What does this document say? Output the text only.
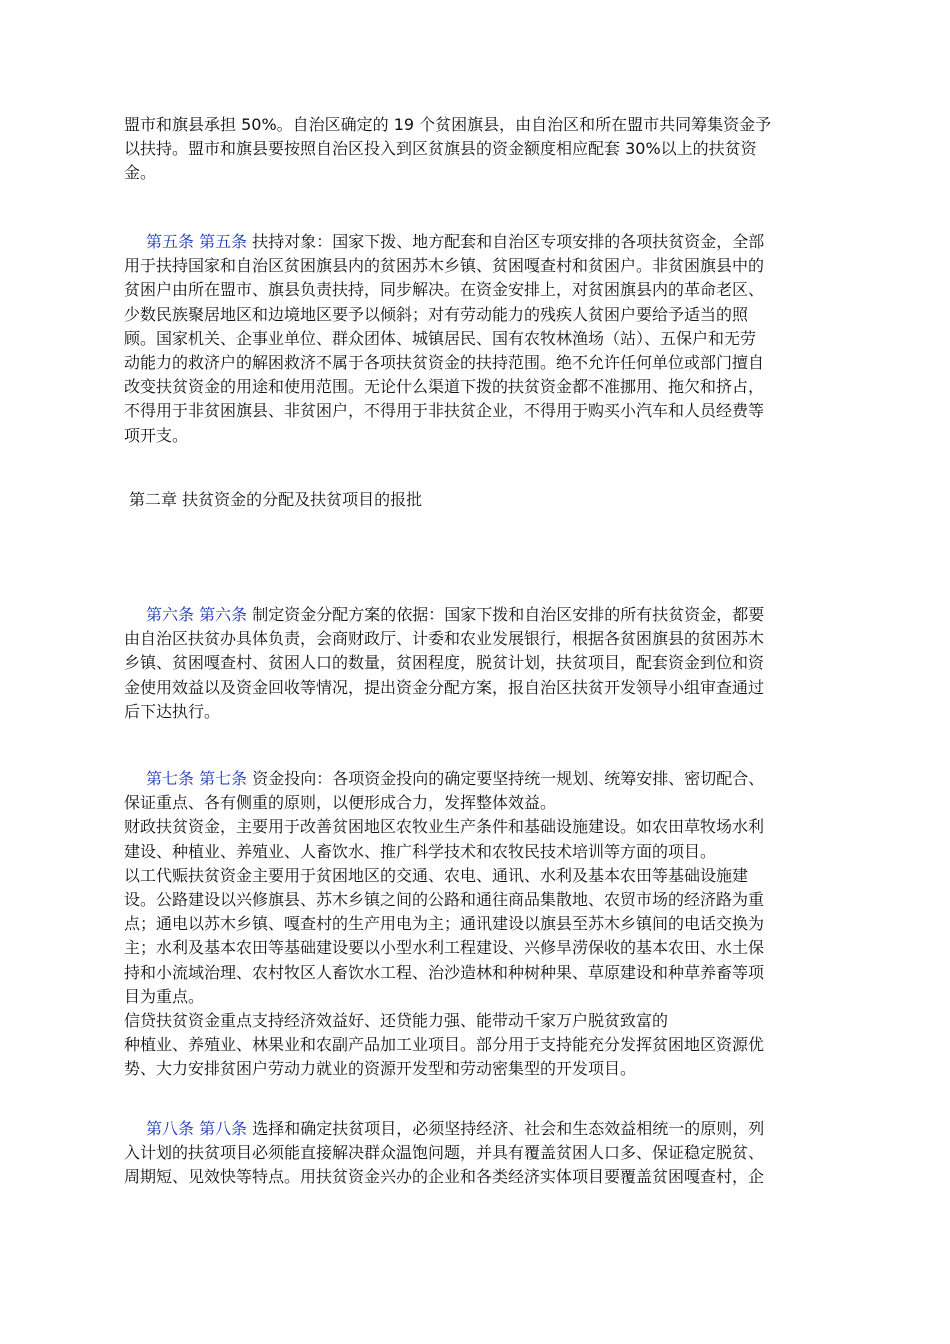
盟市和旗县承担 50%。自治区确定的 19 个贫困旗县，由自治区和所在盟市共同筹集资金予
以扶持。盟市和旗县要按照自治区投入到区贫旗县的资金额度相应配套 30%以上的扶贫资
金。
第五条 第五条 扶持对象：国家下拨、地方配套和自治区专项安排的各项扶贫资金，全部
用于扶持国家和自治区贫困旗县内的贫困苏木乡镇、贫困嘎查村和贫困户。非贫困旗县中的
贫困户由所在盟市、旗县负责扶持，同步解决。在资金安排上，对贫困旗县内的革命老区、
少数民族聚居地区和边境地区要予以倾斜；对有劳动能力的残疾人贫困户要给予适当的照
顾。国家机关、企事业单位、群众团体、城镇居民、国有农牧林渔场（站）、五保户和无劳
动能力的救济户的解困救济不属于各项扶贫资金的扶持范围。绝不允许任何单位或部门擅自
改变扶贫资金的用途和使用范围。无论什么渠道下拨的扶贫资金都不准挪用、拖欠和挤占，
不得用于非贫困旗县、非贫困户，不得用于非扶贫企业，不得用于购买小汽车和人员经费等
项开支。
第二章 扶贫资金的分配及扶贫项目的报批
第六条 第六条 制定资金分配方案的依据：国家下拨和自治区安排的所有扶贫资金，都要
由自治区扶贫办具体负责，会商财政厅、计委和农业发展银行，根据各贫困旗县的贫困苏木
乡镇、贫困嘎查村、贫困人口的数量，贫困程度，脱贫计划，扶贫项目，配套资金到位和资
金使用效益以及资金回收等情况，提出资金分配方案，报自治区扶贫开发领导小组审查通过
后下达执行。
第七条 第七条 资金投向：各项资金投向的确定要坚持统一规划、统筹安排、密切配合、
保证重点、各有侧重的原则，以便形成合力，发挥整体效益。
财政扶贫资金，主要用于改善贫困地区农牧业生产条件和基础设施建设。如农田草牧场水利
建设、种植业、养殖业、人畜饮水、推广科学技术和农牧民技术培训等方面的项目。
以工代赈扶贫资金主要用于贫困地区的交通、农电、通讯、水利及基本农田等基础设施建
设。公路建设以兴修旗县、苏木乡镇之间的公路和通往商品集散地、农贸市场的经济路为重
点；通电以苏木乡镇、嘎查村的生产用电为主；通讯建设以旗县至苏木乡镇间的电话交换为
主；水利及基本农田等基础建设要以小型水利工程建设、兴修旱涝保收的基本农田、水土保
持和小流域治理、农村牧区人畜饮水工程、治沙造林和种树种果、草原建设和种草养畜等项
目为重点。
信贷扶贫资金重点支持经济效益好、还贷能力强、能带动千家万户脱贫致富的
种植业、养殖业、林果业和农副产品加工业项目。部分用于支持能充分发挥贫困地区资源优
势、大力安排贫困户劳动力就业的资源开发型和劳动密集型的开发项目。
第八条 第八条 选择和确定扶贫项目，必须坚持经济、社会和生态效益相统一的原则，列
入计划的扶贫项目必须能直接解决群众温饱问题，并具有覆盖贫困人口多、保证稳定脱贫、
周期短、见效快等特点。用扶贫资金兴办的企业和各类经济实体项目要覆盖贫困嘎查村，企
